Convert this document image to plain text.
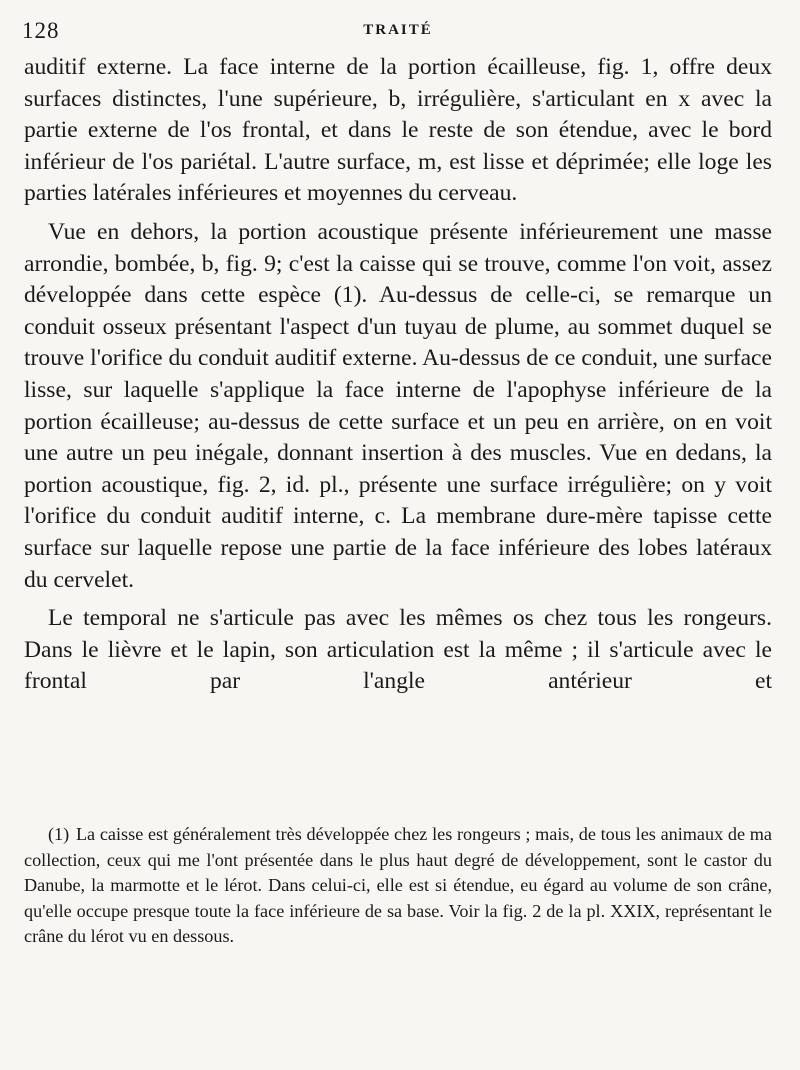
128	TRAITÉ

auditif externe. La face interne de la portion écailleuse, fig. 1, offre deux surfaces distinctes, l'une supérieure, b, irrégulière, s'articulant en x avec la partie externe de l'os frontal, et dans le reste de son étendue, avec le bord inférieur de l'os pariétal. L'autre surface, m, est lisse et déprimée; elle loge les parties latérales inférieures et moyennes du cerveau.

Vue en dehors, la portion acoustique présente inférieurement une masse arrondie, bombée, b, fig. 9; c'est la caisse qui se trouve, comme l'on voit, assez développée dans cette espèce (1). Au-dessus de celle-ci, se remarque un conduit osseux présentant l'aspect d'un tuyau de plume, au sommet duquel se trouve l'orifice du conduit auditif externe. Au-dessus de ce conduit, une surface lisse, sur laquelle s'applique la face interne de l'apophyse inférieure de la portion écailleuse; au-dessus de cette surface et un peu en arrière, on en voit une autre un peu inégale, donnant insertion à des muscles. Vue en dedans, la portion acoustique, fig. 2, id. pl., présente une surface irrégulière; on y voit l'orifice du conduit auditif interne, c. La membrane dure-mère tapisse cette surface sur laquelle repose une partie de la face inférieure des lobes latéraux du cervelet.

Le temporal ne s'articule pas avec les mêmes os chez tous les rongeurs. Dans le lièvre et le lapin, son articulation est la même ; il s'articule avec le frontal par l'angle antérieur et

(1) La caisse est généralement très développée chez les rongeurs ; mais, de tous les animaux de ma collection, ceux qui me l'ont présentée dans le plus haut degré de développement, sont le castor du Danube, la marmotte et le lérot. Dans celui-ci, elle est si étendue, eu égard au volume de son crâne, qu'elle occupe presque toute la face inférieure de sa base. Voir la fig. 2 de la pl. XXIX, représentant le crâne du lérot vu en dessous.
